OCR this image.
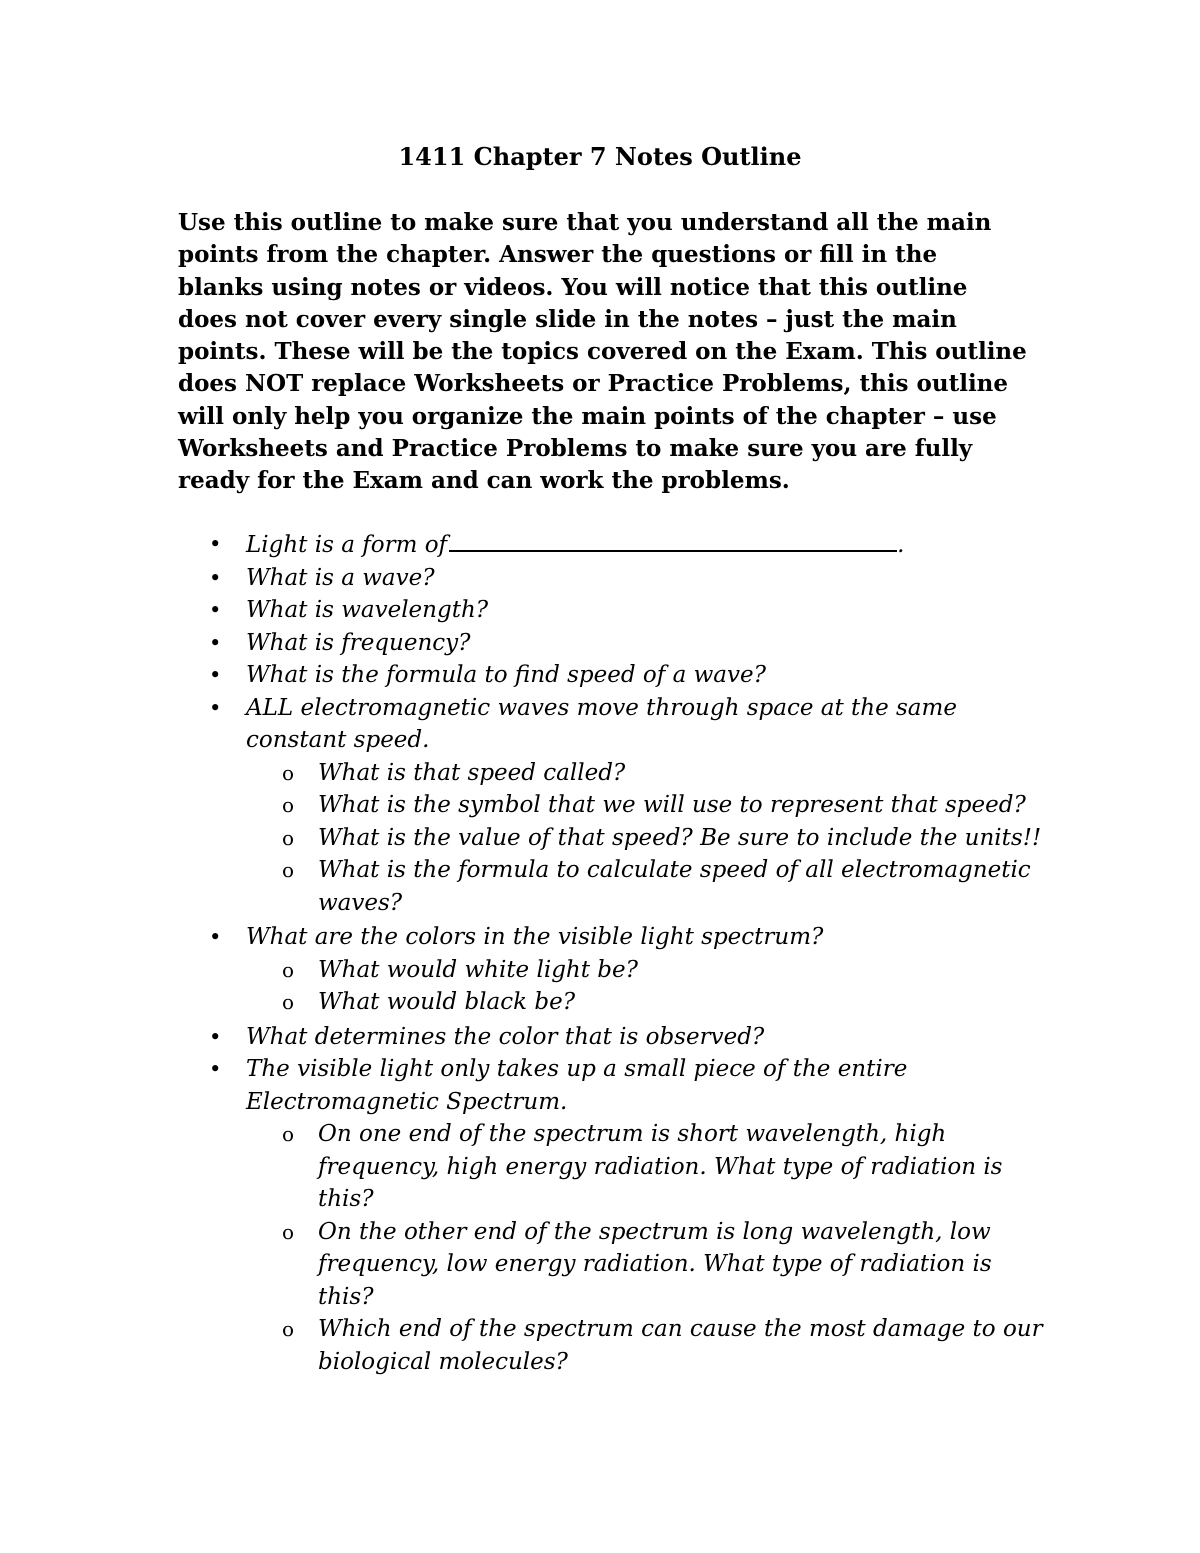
1411 Chapter 7 Notes Outline
Use this outline to make sure that you understand all the main points from the chapter. Answer the questions or fill in the blanks using notes or videos. You will notice that this outline does not cover every single slide in the notes – just the main points. These will be the topics covered on the Exam. This outline does NOT replace Worksheets or Practice Problems, this outline will only help you organize the main points of the chapter – use Worksheets and Practice Problems to make sure you are fully ready for the Exam and can work the problems.
• Light is a form of	.
• What is a wave?
• What is wavelength?
• What is frequency?
• What is the formula to find speed of a wave?
• ALL electromagnetic waves move through space at the same constant speed.
o What is that speed called?
o What is the symbol that we will use to represent that speed?
o What is the value of that speed? Be sure to include the units!!
o What is the formula to calculate speed of all electromagnetic waves?
• What are the colors in the visible light spectrum?
o What would white light be?
o What would black be?
• What determines the color that is observed?
• The visible light only takes up a small piece of the entire Electromagnetic Spectrum.
o On one end of the spectrum is short wavelength, high frequency, high energy radiation. What type of radiation is this?
o On the other end of the spectrum is long wavelength, low frequency, low energy radiation. What type of radiation is this?
o Which end of the spectrum can cause the most damage to our biological molecules?
